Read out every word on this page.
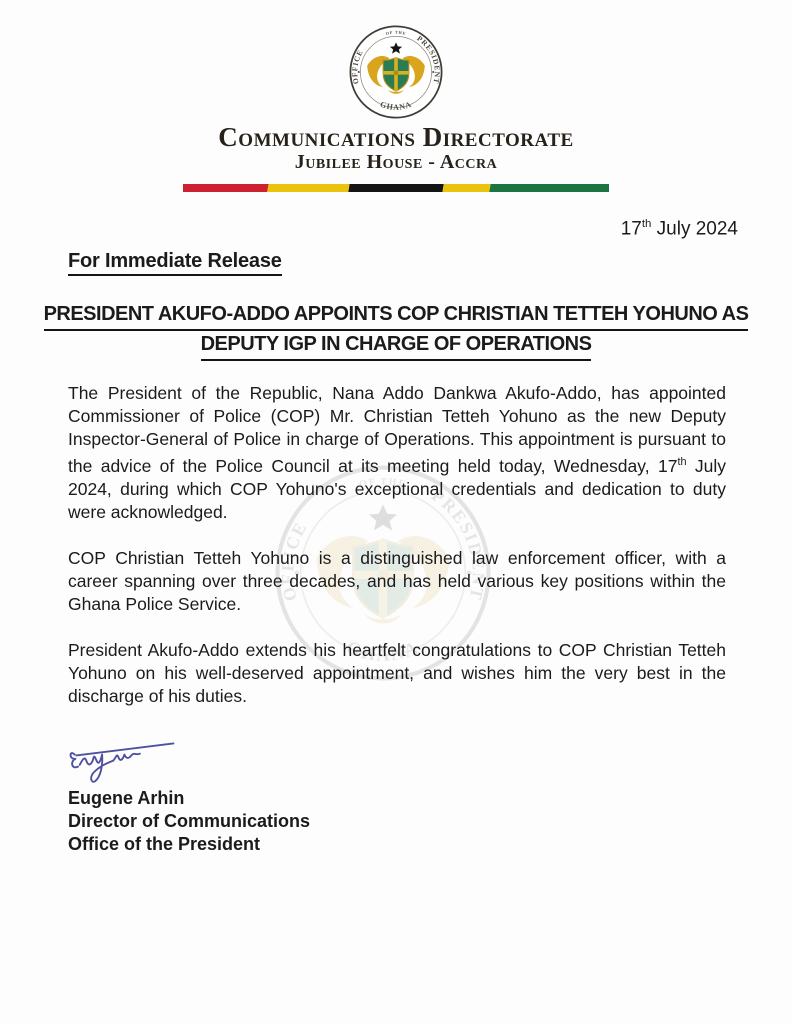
Communications Directorate
Jubilee House - Accra
17th July 2024
For Immediate Release
PRESIDENT AKUFO-ADDO APPOINTS COP CHRISTIAN TETTEH YOHUNO AS
DEPUTY IGP IN CHARGE OF OPERATIONS

The President of the Republic, Nana Addo Dankwa Akufo-Addo, has appointed Commissioner of Police (COP) Mr. Christian Tetteh Yohuno as the new Deputy Inspector-General of Police in charge of Operations. This appointment is pursuant to the advice of the Police Council at its meeting held today, Wednesday, 17th July 2024, during which COP Yohuno's exceptional credentials and dedication to duty were acknowledged.

COP Christian Tetteh Yohuno is a distinguished law enforcement officer, with a career spanning over three decades, and has held various key positions within the Ghana Police Service.

President Akufo-Addo extends his heartfelt congratulations to COP Christian Tetteh Yohuno on his well-deserved appointment, and wishes him the very best in the discharge of his duties.

Eugene Arhin
Director of Communications
Office of the President
